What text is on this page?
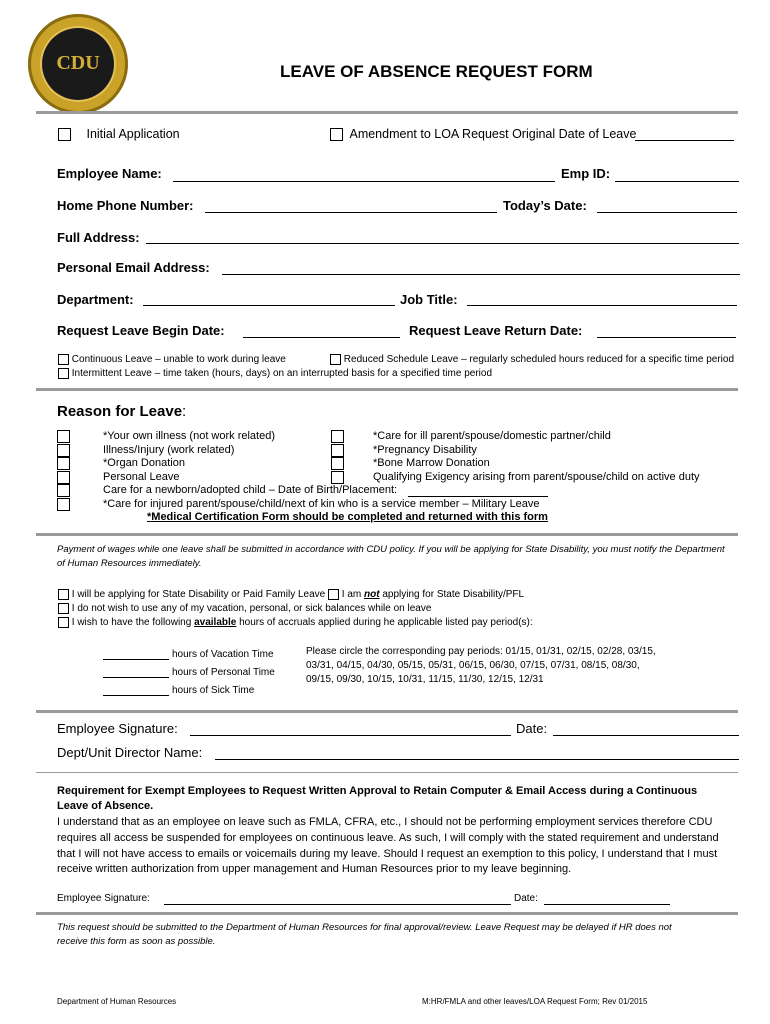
CDU	LEAVE OF ABSENCE REQUEST FORM
Initial Application	Amendment to LOA Request Original Date of Leave
Employee Name:	Emp ID:
Home Phone Number:	Today’s Date:
Full Address:
Personal Email Address:
Department:	Job Title:
Request Leave Begin Date:	Request Leave Return Date:
Continuous Leave – unable to work during leave	Reduced Schedule Leave – regularly scheduled hours reduced for a specific time period
Intermittent Leave – time taken (hours, days) on an interrupted basis for a specified time period
Reason for Leave:
*Your own illness (not work related)
Illness/Injury (work related)
*Organ Donation
Personal Leave
*Care for ill parent/spouse/domestic partner/child
*Pregnancy Disability
*Bone Marrow Donation
Qualifying Exigency arising from parent/spouse/child on active duty
Care for a newborn/adopted child – Date of Birth/Placement:
*Care for injured parent/spouse/child/next of kin who is a service member – Military Leave
*Medical Certification Form should be completed and returned with this form
Payment of wages while one leave shall be submitted in accordance with CDU policy. If you will be applying for State Disability, you must notify the Department of Human Resources immediately.
I will be applying for State Disability or Paid Family Leave I am not applying for State Disability/PFL
I do not wish to use any of my vacation, personal, or sick balances while on leave
I wish to have the following available hours of accruals applied during he applicable listed pay period(s):
hours of Vacation Time
hours of Personal Time
hours of Sick Time
Please circle the corresponding pay periods: 01/15, 01/31, 02/15, 02/28, 03/15,
03/31, 04/15, 04/30, 05/15, 05/31, 06/15, 06/30, 07/15, 07/31, 08/15, 08/30,
09/15, 09/30, 10/15, 10/31, 11/15, 11/30, 12/15, 12/31
Employee Signature:	Date:
Dept/Unit Director Name:
Requirement for Exempt Employees to Request Written Approval to Retain Computer & Email Access during a Continuous
Leave of Absence.
I understand that as an employee on leave such as FMLA, CFRA, etc., I should not be performing employment services therefore CDU
requires all access be suspended for employees on continuous leave. As such, I will comply with the stated requirement and understand
that I will not have access to emails or voicemails during my leave. Should I request an exemption to this policy, I understand that I must
receive written authorization from upper management and Human Resources prior to my leave beginning.
Employee Signature:	Date:
This request should be submitted to the Department of Human Resources for final approval/review. Leave Request may be delayed if HR does not
receive this form as soon as possible.
Department of Human Resources	M:HR/FMLA and other leaves/LOA Request Form; Rev 01/2015
